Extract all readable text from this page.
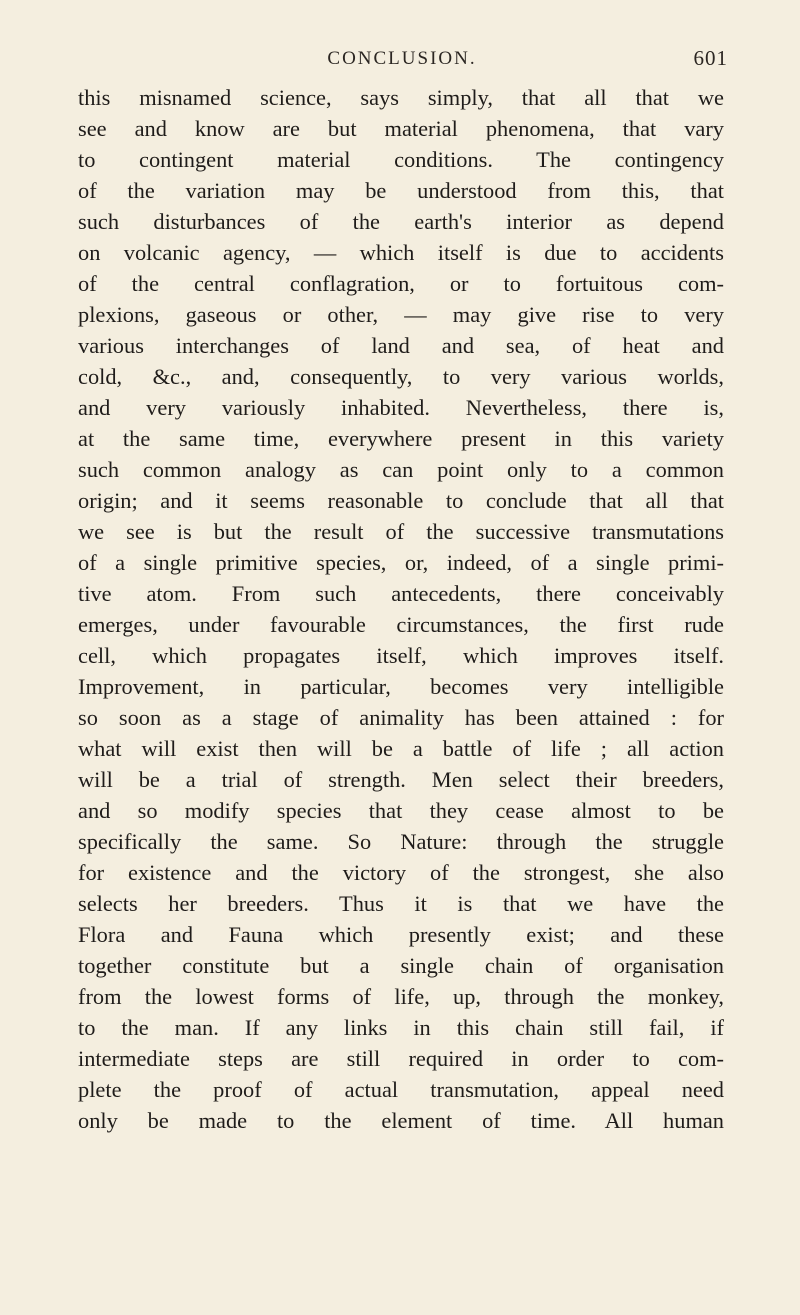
CONCLUSION.	601
this misnamed science, says simply, that all that we
see and know are but material phenomena, that vary
to contingent material conditions. The contingency
of the variation may be understood from this, that
such disturbances of the earth's interior as depend
on volcanic agency, — which itself is due to accidents
of the central conflagration, or to fortuitous com-
plexions, gaseous or other, — may give rise to very
various interchanges of land and sea, of heat and
cold, &c., and, consequently, to very various worlds,
and very variously inhabited. Nevertheless, there is,
at the same time, everywhere present in this variety
such common analogy as can point only to a common
origin; and it seems reasonable to conclude that all that
we see is but the result of the successive transmutations
of a single primitive species, or, indeed, of a single primi-
tive atom. From such antecedents, there conceivably
emerges, under favourable circumstances, the first rude
cell, which propagates itself, which improves itself.
Improvement, in particular, becomes very intelligible
so soon as a stage of animality has been attained : for
what will exist then will be a battle of life ; all action
will be a trial of strength. Men select their breeders,
and so modify species that they cease almost to be
specifically the same. So Nature: through the struggle
for existence and the victory of the strongest, she also
selects her breeders. Thus it is that we have the
Flora and Fauna which presently exist; and these
together constitute but a single chain of organisation
from the lowest forms of life, up, through the monkey,
to the man. If any links in this chain still fail, if
intermediate steps are still required in order to com-
plete the proof of actual transmutation, appeal need
only be made to the element of time. All human
